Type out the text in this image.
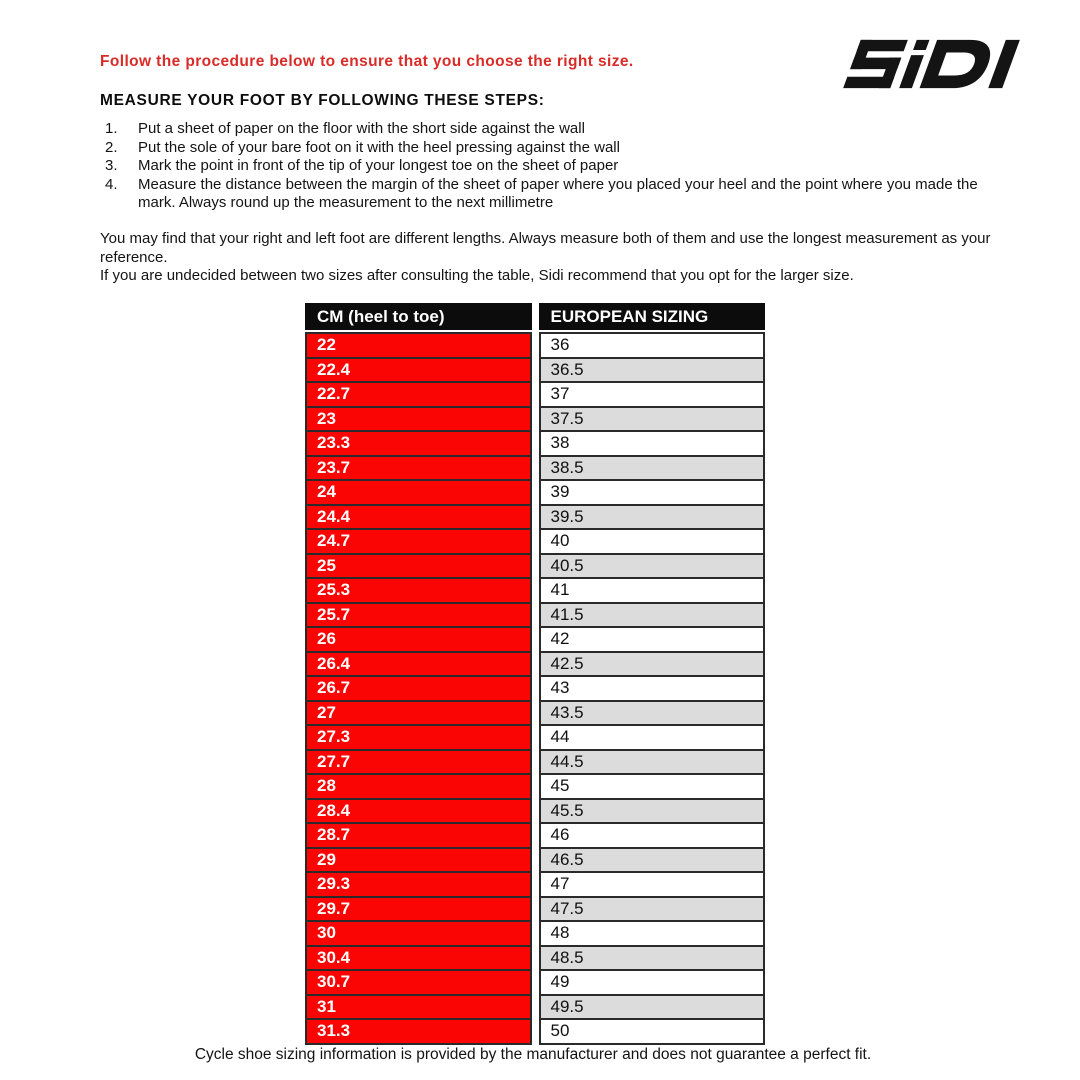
Follow the procedure below to ensure that you choose the right size.
MEASURE YOUR FOOT BY FOLLOWING THESE STEPS:
1.	Put a sheet of paper on the floor with the short side against the wall
2.	Put the sole of your bare foot on it with the heel pressing against the wall
3.	Mark the point in front of the tip of your longest toe on the sheet of paper
4.	Measure the distance between the margin of the sheet of paper where you placed your heel and the point where you made the mark. Always round up the measurement to the next millimetre

You may find that your right and left foot are different lengths. Always measure both of them and use the longest measurement as your reference.

If you are undecided between two sizes after consulting the table, Sidi recommend that you opt for the larger size.

CM (heel to toe)	EUROPEAN SIZING
22	36
22.4	36.5
22.7	37
23	37.5
23.3	38
23.7	38.5
24	39
24.4	39.5
24.7	40
25	40.5
25.3	41
25.7	41.5
26	42
26.4	42.5
26.7	43
27	43.5
27.3	44
27.7	44.5
28	45
28.4	45.5
28.7	46
29	46.5
29.3	47
29.7	47.5
30	48
30.4	48.5
30.7	49
31	49.5
31.3	50
Cycle shoe sizing information is provided by the manufacturer and does not guarantee a perfect fit.
